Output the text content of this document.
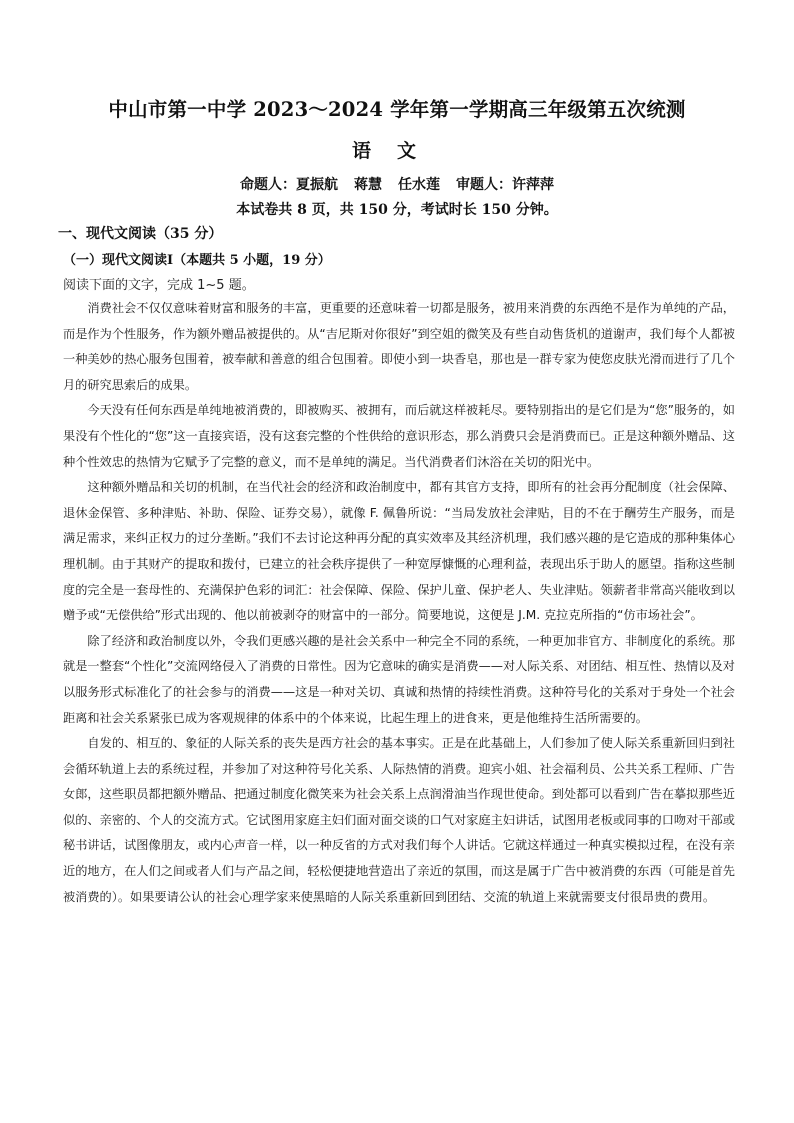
中山市第一中学 2023～2024 学年第一学期高三年级第五次统测
语文
命题人：夏振航 蒋慧 任水莲 审题人：许萍萍
本试卷共 8 页，共 150 分，考试时长 150 分钟。
一、现代文阅读（35 分）
（一）现代文阅读Ⅰ（本题共 5 小题，19 分）
阅读下面的文字，完成 1~5 题。

消费社会不仅仅意味着财富和服务的丰富，更重要的还意味着一切都是服务，被用来消费的东西绝不是作为单纯的产品，而是作为个性服务，作为额外赠品被提供的。从“吉尼斯对你很好”到空姐的微笑及有些自动售货机的道谢声，我们每个人都被一种美妙的热心服务包围着，被奉献和善意的组合包围着。即使小到一块香皂，那也是一群专家为使您皮肤光滑而进行了几个月的研究思索后的成果。

今天没有任何东西是单纯地被消费的，即被购买、被拥有，而后就这样被耗尽。要特别指出的是它们是为“您”服务的，如果没有个性化的“您”这一直接宾语，没有这套完整的个性供给的意识形态，那么消费只会是消费而已。正是这种额外赠品、这种个性效忠的热情为它赋予了完整的意义，而不是单纯的满足。当代消费者们沐浴在关切的阳光中。

这种额外赠品和关切的机制，在当代社会的经济和政治制度中，都有其官方支持，即所有的社会再分配制度（社会保障、退休金保管、多种津贴、补助、保险、证券交易），就像 F. 佩鲁所说：“当局发放社会津贴，目的不在于酬劳生产服务，而是满足需求，来纠正权力的过分垄断。”我们不去讨论这种再分配的真实效率及其经济机理，我们感兴趣的是它造成的那种集体心理机制。由于其财产的提取和拨付，已建立的社会秩序提供了一种宽厚慷慨的心理利益，表现出乐于助人的愿望。指称这些制度的完全是一套母性的、充满保护色彩的词汇：社会保障、保险、保护儿童、保护老人、失业津贴。领薪者非常高兴能收到以赠予或“无偿供给”形式出现的、他以前被剥夺的财富中的一部分。简要地说，这便是 J.M. 克拉克所指的“仿市场社会”。

除了经济和政治制度以外，令我们更感兴趣的是社会关系中一种完全不同的系统，一种更加非官方、非制度化的系统。那就是一整套“个性化”交流网络侵入了消费的日常性。因为它意味的确实是消费——对人际关系、对团结、相互性、热情以及对以服务形式标准化了的社会参与的消费——这是一种对关切、真诚和热情的持续性消费。这种符号化的关系对于身处一个社会距离和社会关系紧张已成为客观规律的体系中的个体来说，比起生理上的进食来，更是他维持生活所需要的。

自发的、相互的、象征的人际关系的丧失是西方社会的基本事实。正是在此基础上，人们参加了使人际关系重新回归到社会循环轨道上去的系统过程，并参加了对这种符号化关系、人际热情的消费。迎宾小姐、社会福利员、公共关系工程师、广告女郎，这些职员都把额外赠品、把通过制度化微笑来为社会关系上点润滑油当作现世使命。到处都可以看到广告在摹拟那些近似的、亲密的、个人的交流方式。它试图用家庭主妇们面对面交谈的口气对家庭主妇讲话，试图用老板或同事的口吻对干部或秘书讲话，试图像朋友，或内心声音一样，以一种反省的方式对我们每个人讲话。它就这样通过一种真实模拟过程，在没有亲近的地方，在人们之间或者人们与产品之间，轻松便捷地营造出了亲近的氛围，而这是属于广告中被消费的东西（可能是首先被消费的）。如果要请公认的社会心理学家来使黑暗的人际关系重新回到团结、交流的轨道上来就需要支付很昂贵的费用。
